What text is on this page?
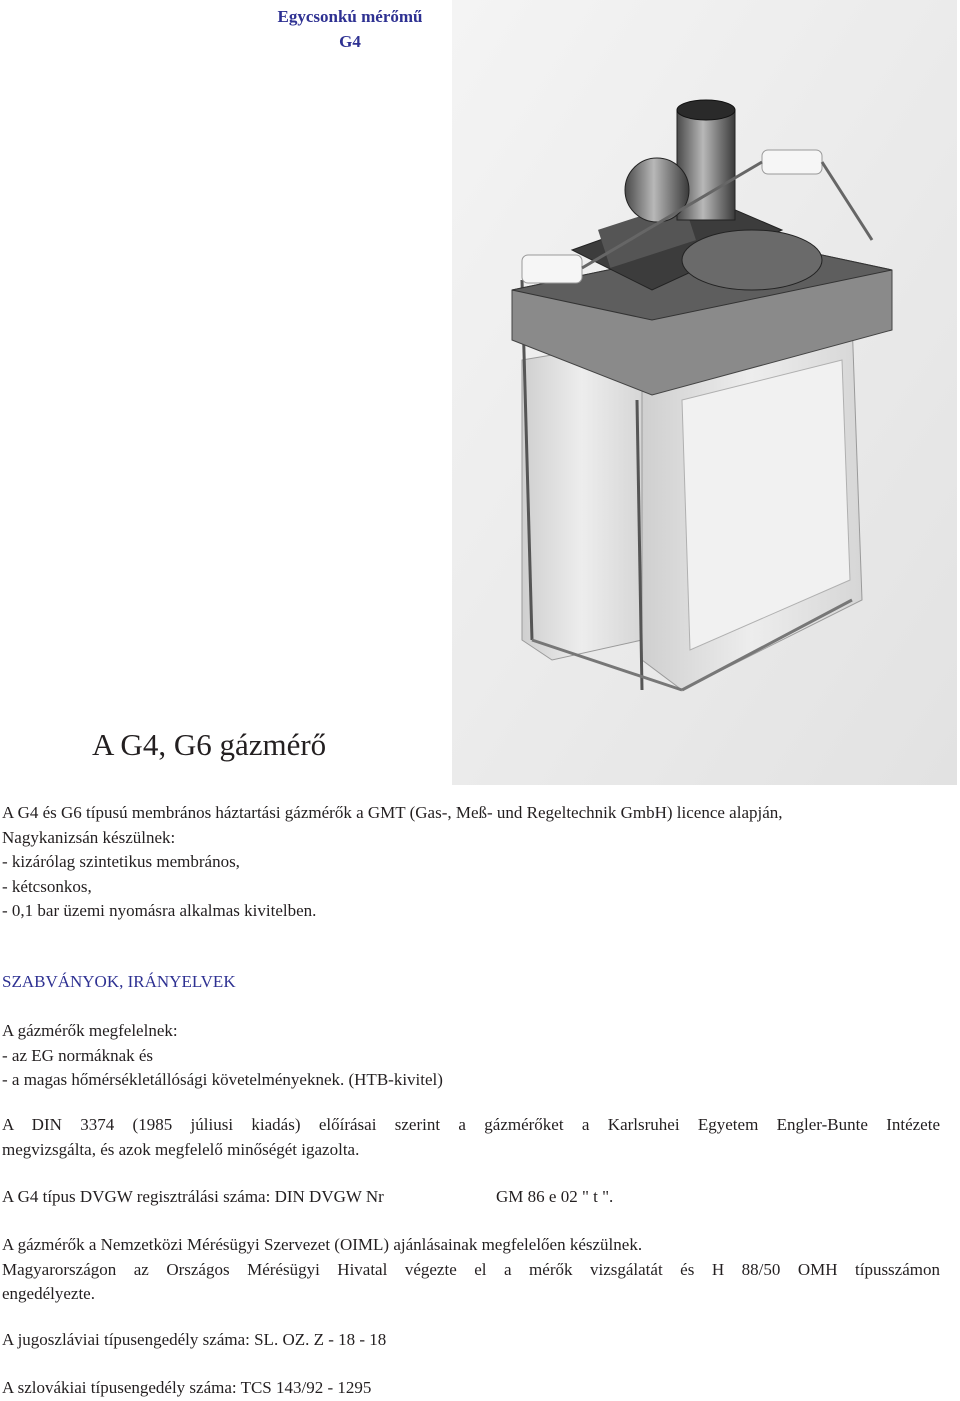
Egycsonkú mérőmű
G4
A G4, G6 gázmérő
A G4 és G6 típusú membrános háztartási gázmérők a GMT (Gas-, Meß- und Regeltechnik GmbH) licence alapján,
Nagykanizsán készülnek:
- kizárólag szintetikus membrános,
- kétcsonkos,
- 0,1 bar üzemi nyomásra alkalmas kivitelben.
SZABVÁNYOK, IRÁNYELVEK
A gázmérők megfelelnek:
- az EG normáknak és
- a magas hőmérsékletállósági követelményeknek. (HTB-kivitel)
A DIN 3374 (1985 júliusi kiadás) előírásai szerint a gázmérőket a Karlsruhei Egyetem Engler-Bunte Intézete
megvizsgálta, és azok megfelelő minőségét igazolta.
A G4 típus DVGW regisztrálási száma: DIN DVGW Nr	GM 86 e 02 " t ".
A gázmérők a Nemzetközi Mérésügyi Szervezet (OIML) ajánlásainak megfelelően készülnek.
Magyarországon az Országos Mérésügyi Hivatal végezte el a mérők vizsgálatát és H 88/50 OMH típusszámon
engedélyezte.
A jugoszláviai típusengedély száma: SL. OZ. Z - 18 - 18
A szlovákiai típusengedély száma: TCS 143/92 - 1295
